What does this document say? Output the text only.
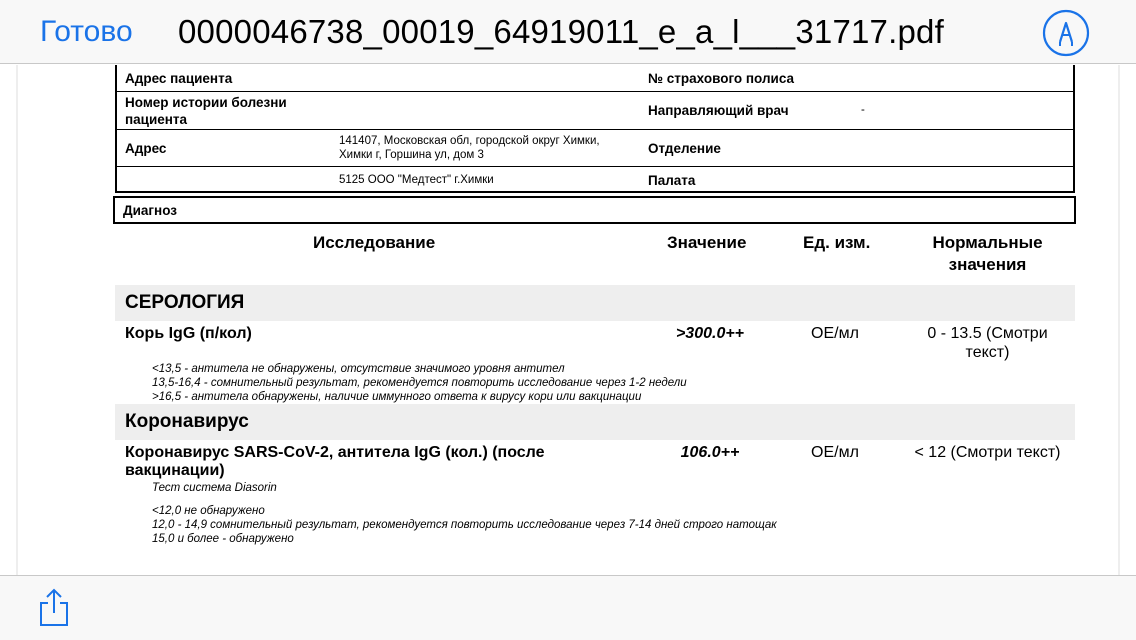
Готово 0000046738_00019_64919011_e_a_l___31717.pdf
Адрес пациента	№ страхового полиса
Номер истории болезни
пациента
Направляющий врач	-
Адрес	141407, Московская обл, городской округ Химки,
Химки г, Горшина ул, дом 3	Отделение
5125 ООО "Медтест" г.Химки	Палата
Диагноз
Исследование	Значение	Ед. изм.	Нормальные
значения
СЕРОЛОГИЯ
Корь IgG (п/кол)	>300.0++	ОЕ/мл	0 - 13.5 (Смотри
текст)
<13,5 - антитела не обнаружены, отсутствие значимого уровня антител
13,5-16,4 - сомнительный результат, рекомендуется повторить исследование через 1-2 недели
>16,5 - антитела обнаружены, наличие иммунного ответа к вирусу кори или вакцинации
Коронавирус
Коронавирус SARS-CoV-2, антитела IgG (кол.) (после
вакцинации)
106.0++	ОЕ/мл	< 12 (Смотри текст)
Тест система Diasorin
<12,0 не обнаружено
12,0 - 14,9 сомнительный результат, рекомендуется повторить исследование через 7-14 дней строго натощак
15,0 и более - обнаружено
